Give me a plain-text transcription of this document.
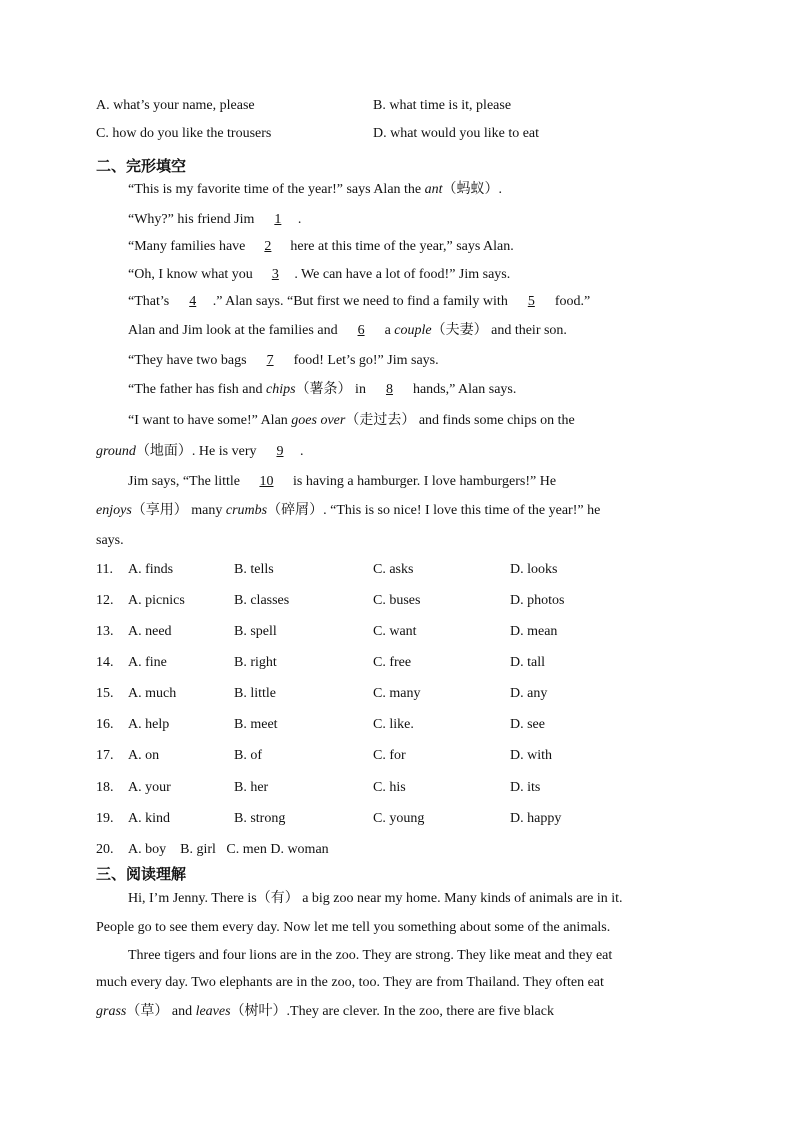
A. what’s your name, please	B. what time is it, please
C. how do you like the trousers	D. what would you like to eat
二、完形填空
“This is my favorite time of the year!” says Alan the ant（蚂蚁）.
“Why?” his friend Jim 1 .
“Many families have 2 here at this time of the year,” says Alan.
“Oh, I know what you 3 . We can have a lot of food!” Jim says.
“That’s 4 .” Alan says. “But first we need to find a family with 5 food.”
Alan and Jim look at the families and 6 a couple（夫妻） and their son.
“They have two bags 7 food! Let’s go!” Jim says.
“The father has fish and chips（薯条） in 8 hands,” Alan says.
“I want to have some!” Alan goes over（走过去） and finds some chips on the
ground（地面）. He is very 9 .
Jim says, “The little 10 is having a hamburger. I love hamburgers!” He
enjoys（享用） many crumbs（碎屑）. “This is so nice! I love this time of the year!” he
says.
11. A. finds	B. tells	C. asks	D. looks
12. A. picnics	B. classes	C. buses	D. photos
13. A. need	B. spell	C. want	D. mean
14. A. fine	B. right	C. free	D. tall
15. A. much	B. little	C. many	D. any
16. A. help	B. meet	C. like.	D. see
17. A. on	B. of	C. for	D. with
18. A. your	B. her	C. his	D. its
19. A. kind	B. strong	C. young	D. happy
20. A. boy    B. girl   C. men D. woman
三、阅读理解
Hi, I’m Jenny. There is（有） a big zoo near my home. Many kinds of animals are in it.
People go to see them every day. Now let me tell you something about some of the animals.
Three tigers and four lions are in the zoo. They are strong. They like meat and they eat
much every day. Two elephants are in the zoo, too. They are from Thailand. They often eat
grass（草） and leaves（树叶）.They are clever. In the zoo, there are five black
